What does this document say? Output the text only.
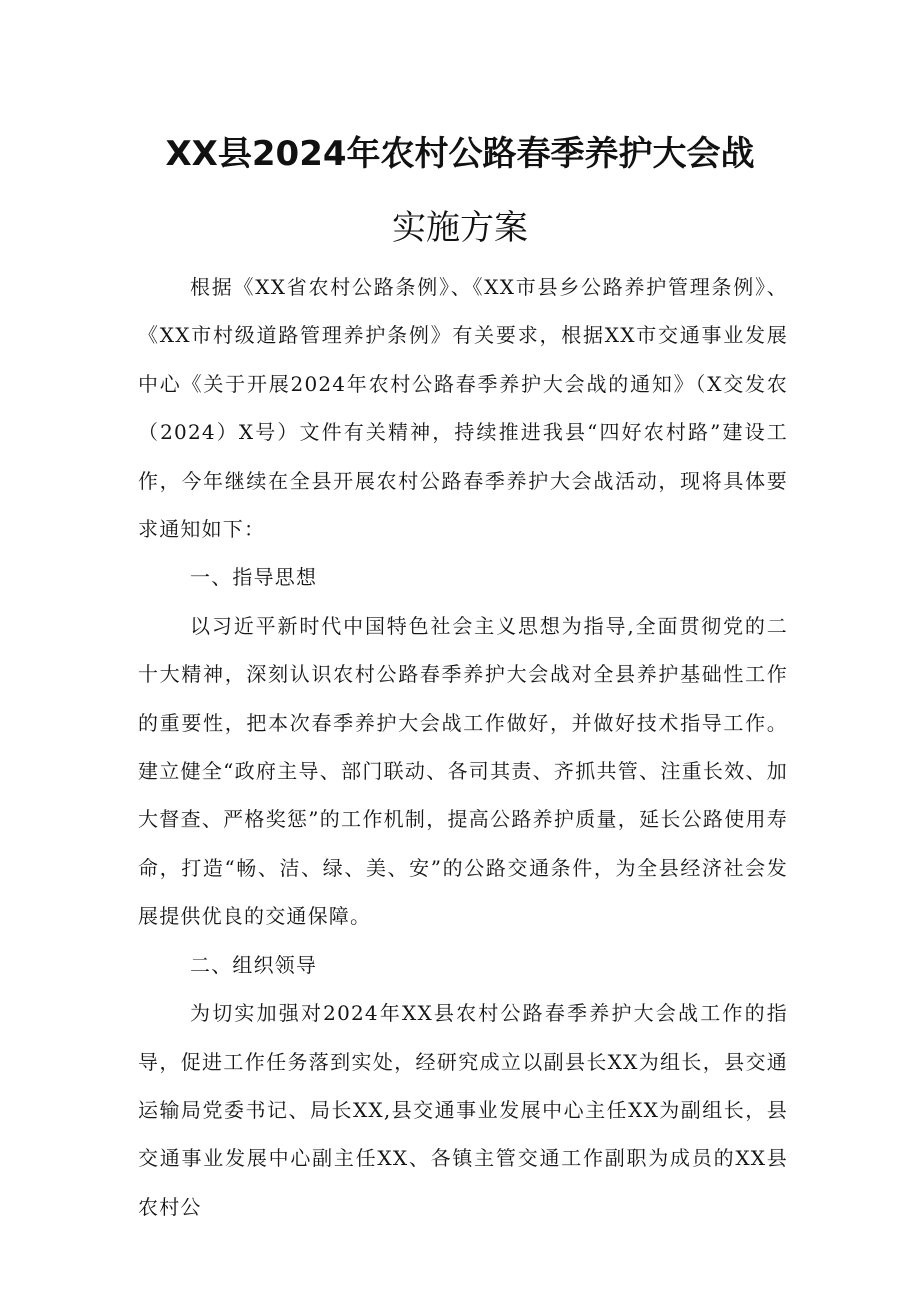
XX县2024年农村公路春季养护大会战
实施方案

根据《XX省农村公路条例》、《XX市县乡公路养护管理条例》、《XX市村级道路管理养护条例》有关要求，根据XX市交通事业发展中心《关于开展2024年农村公路春季养护大会战的通知》（X交发农（2024）X号）文件有关精神，持续推进我县“四好农村路”建设工作，今年继续在全县开展农村公路春季养护大会战活动，现将具体要求通知如下：

一、指导思想

以习近平新时代中国特色社会主义思想为指导,全面贯彻党的二十大精神，深刻认识农村公路春季养护大会战对全县养护基础性工作的重要性，把本次春季养护大会战工作做好，并做好技术指导工作。建立健全“政府主导、部门联动、各司其责、齐抓共管、注重长效、加大督查、严格奖惩”的工作机制，提高公路养护质量，延长公路使用寿命，打造“畅、洁、绿、美、安”的公路交通条件，为全县经济社会发展提供优良的交通保障。

二、组织领导

为切实加强对2024年XX县农村公路春季养护大会战工作的指导，促进工作任务落到实处，经研究成立以副县长XX为组长，县交通运输局党委书记、局长XX,县交通事业发展中心主任XX为副组长，县交通事业发展中心副主任XX、各镇主管交通工作副职为成员的XX县农村公
